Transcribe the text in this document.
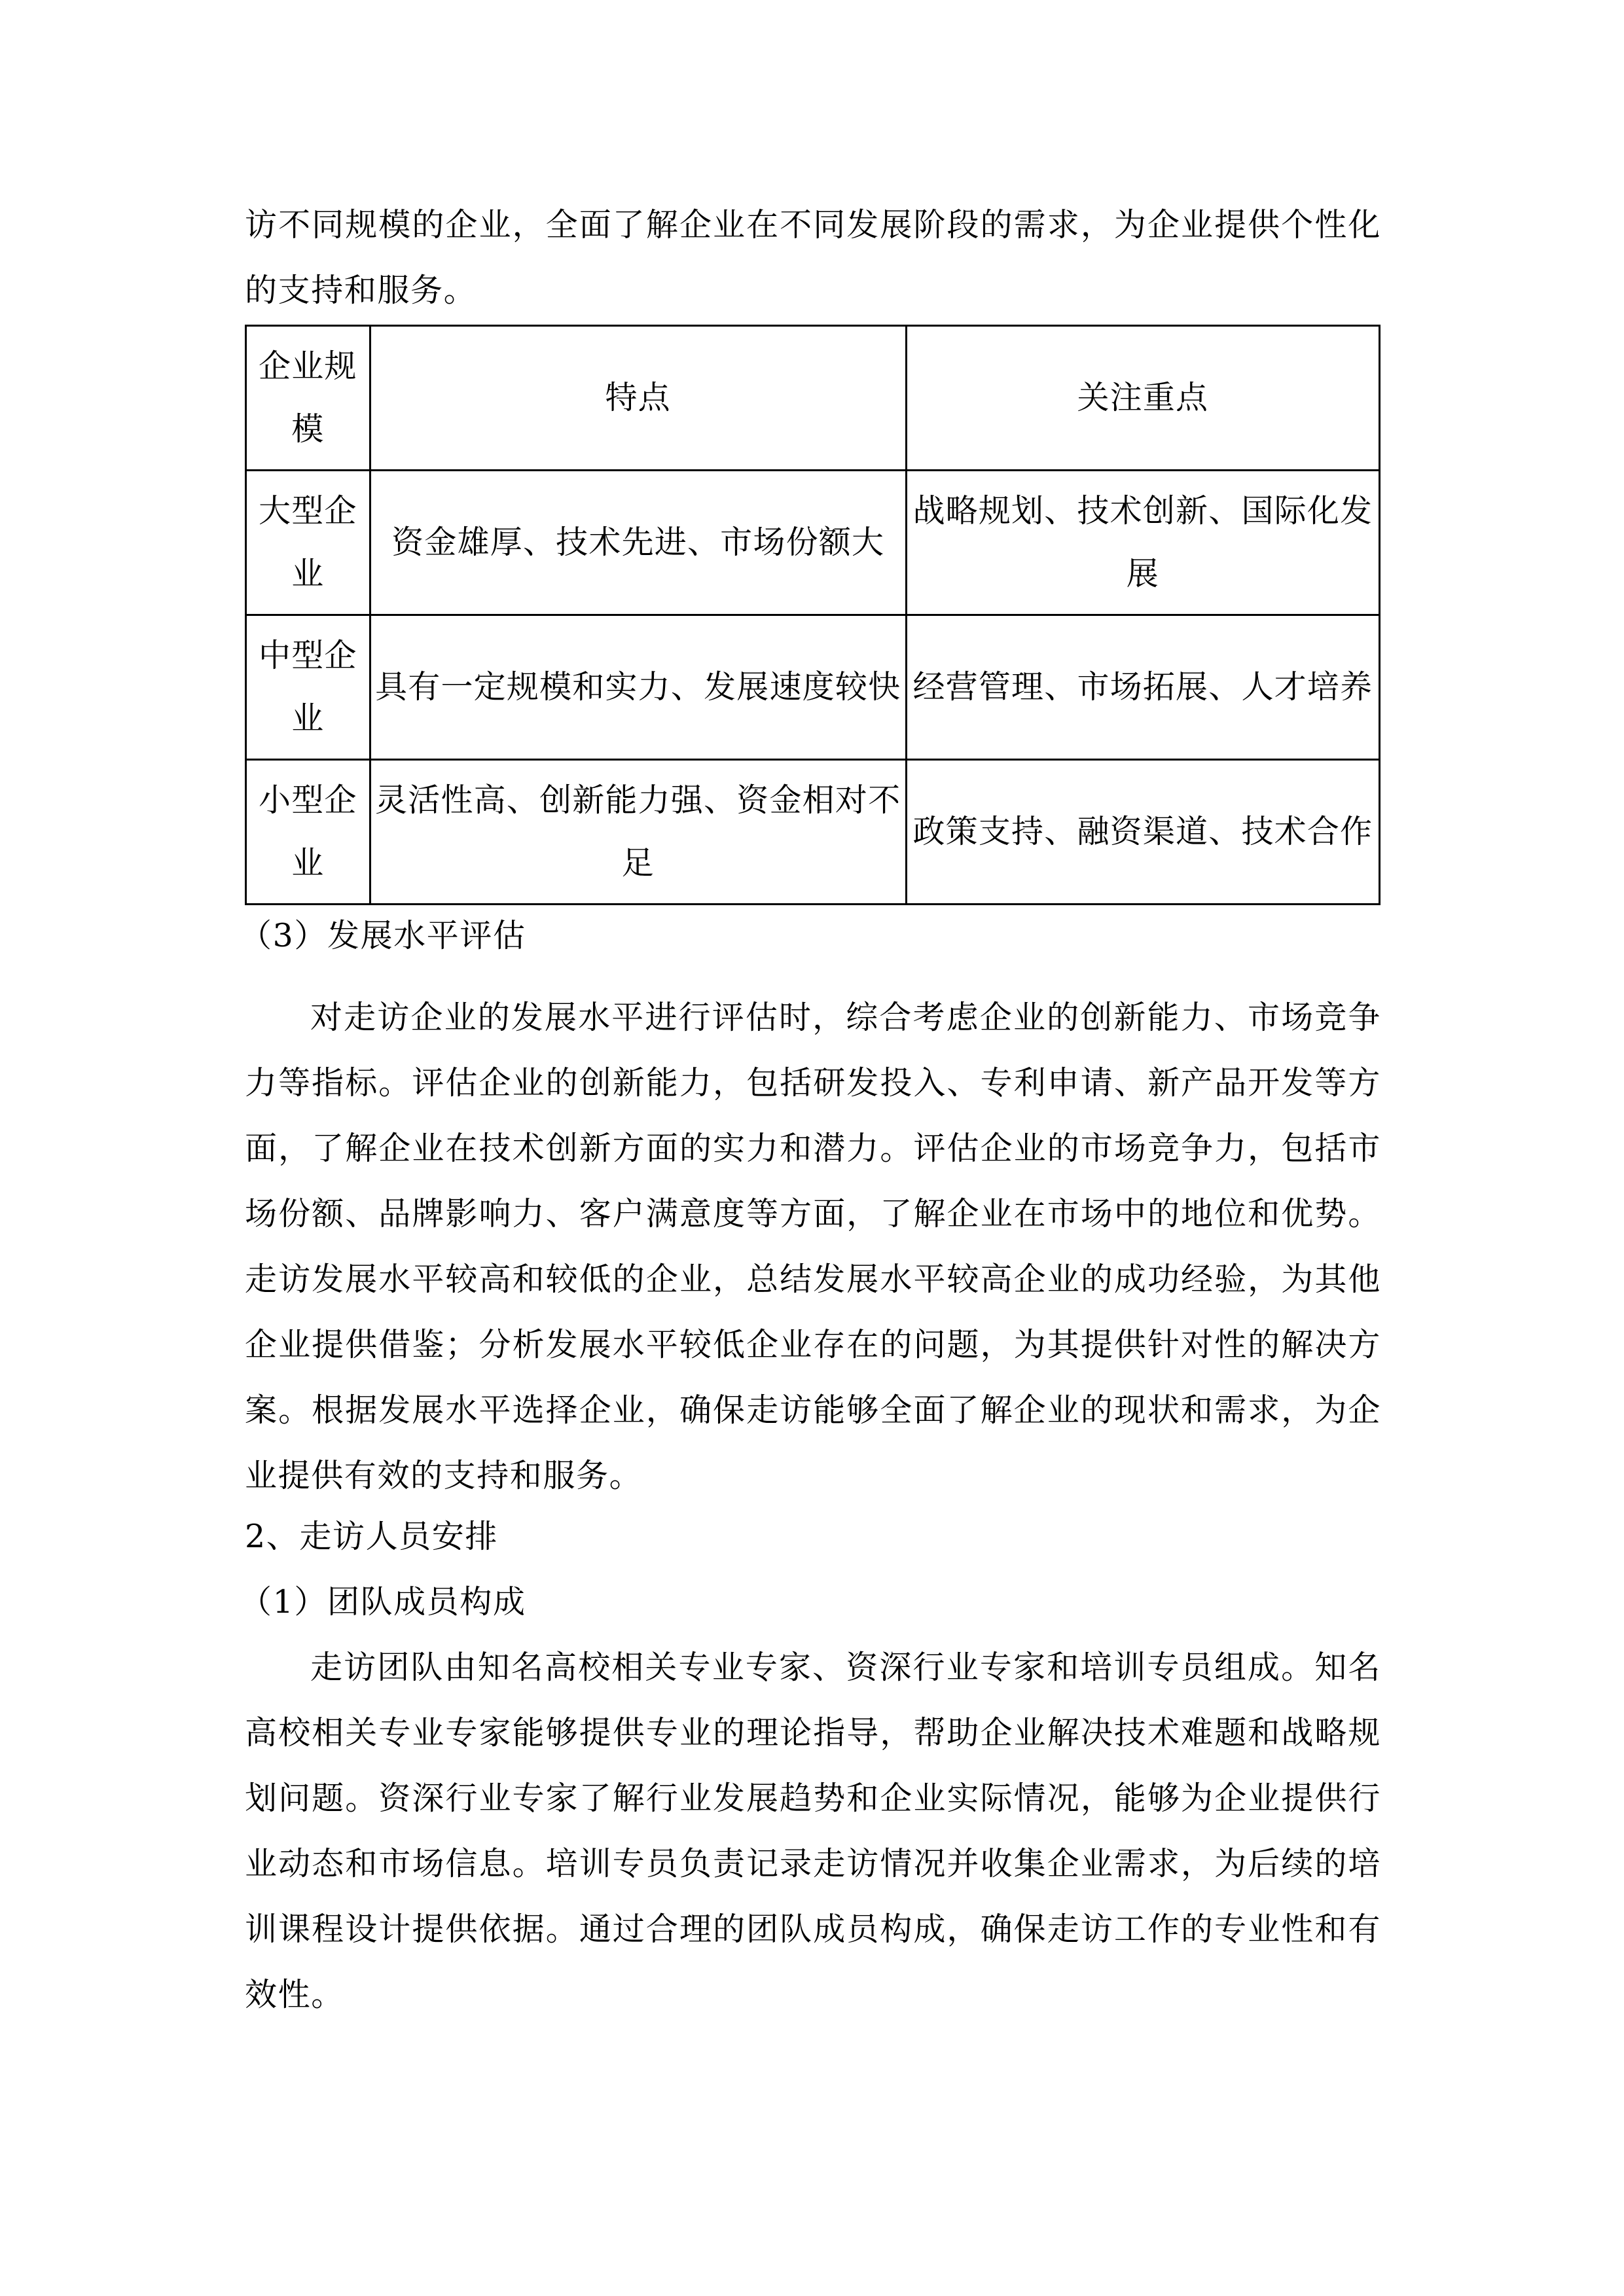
访不同规模的企业，全面了解企业在不同发展阶段的需求，为企业提供个性化的支持和服务。

企业规模	特点	关注重点
大型企业	资金雄厚、技术先进、市场份额大	战略规划、技术创新、国际化发展
中型企业	具有一定规模和实力、发展速度较快	经营管理、市场拓展、人才培养
小型企业	灵活性高、创新能力强、资金相对不足	政策支持、融资渠道、技术合作

（3）发展水平评估

对走访企业的发展水平进行评估时，综合考虑企业的创新能力、市场竞争力等指标。评估企业的创新能力，包括研发投入、专利申请、新产品开发等方面，了解企业在技术创新方面的实力和潜力。评估企业的市场竞争力，包括市场份额、品牌影响力、客户满意度等方面，了解企业在市场中的地位和优势。走访发展水平较高和较低的企业，总结发展水平较高企业的成功经验，为其他企业提供借鉴；分析发展水平较低企业存在的问题，为其提供针对性的解决方案。根据发展水平选择企业，确保走访能够全面了解企业的现状和需求，为企业提供有效的支持和服务。

2、走访人员安排

（1）团队成员构成

走访团队由知名高校相关专业专家、资深行业专家和培训专员组成。知名高校相关专业专家能够提供专业的理论指导，帮助企业解决技术难题和战略规划问题。资深行业专家了解行业发展趋势和企业实际情况，能够为企业提供行业动态和市场信息。培训专员负责记录走访情况并收集企业需求，为后续的培训课程设计提供依据。通过合理的团队成员构成，确保走访工作的专业性和有效性。
